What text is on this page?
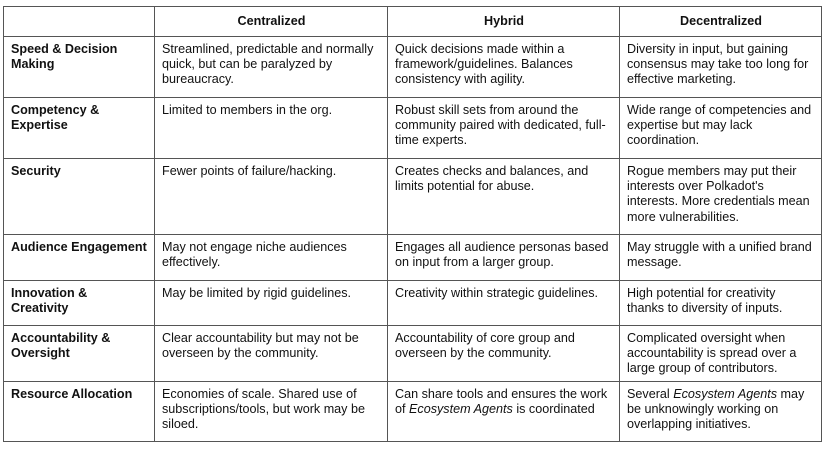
	Centralized	Hybrid	Decentralized
Speed & Decision Making	Streamlined, predictable and normally quick, but can be paralyzed by bureaucracy.	Quick decisions made within a framework/guidelines. Balances consistency with agility.	Diversity in input, but gaining consensus may take too long for effective marketing.
Competency & Expertise	Limited to members in the org.	Robust skill sets from around the community paired with dedicated, full-time experts.	Wide range of competencies and expertise but may lack coordination.
Security	Fewer points of failure/hacking.	Creates checks and balances, and limits potential for abuse.	Rogue members may put their interests over Polkadot's interests. More credentials mean more vulnerabilities.
Audience Engagement	May not engage niche audiences effectively.	Engages all audience personas based on input from a larger group.	May struggle with a unified brand message.
Innovation & Creativity	May be limited by rigid guidelines.	Creativity within strategic guidelines.	High potential for creativity thanks to diversity of inputs.
Accountability & Oversight	Clear accountability but may not be overseen by the community.	Accountability of core group and overseen by the community.	Complicated oversight when accountability is spread over a large group of contributors.
Resource Allocation	Economies of scale. Shared use of subscriptions/tools, but work may be siloed.	Can share tools and ensures the work of Ecosystem Agents is coordinated	Several Ecosystem Agents may be unknowingly working on overlapping initiatives.
